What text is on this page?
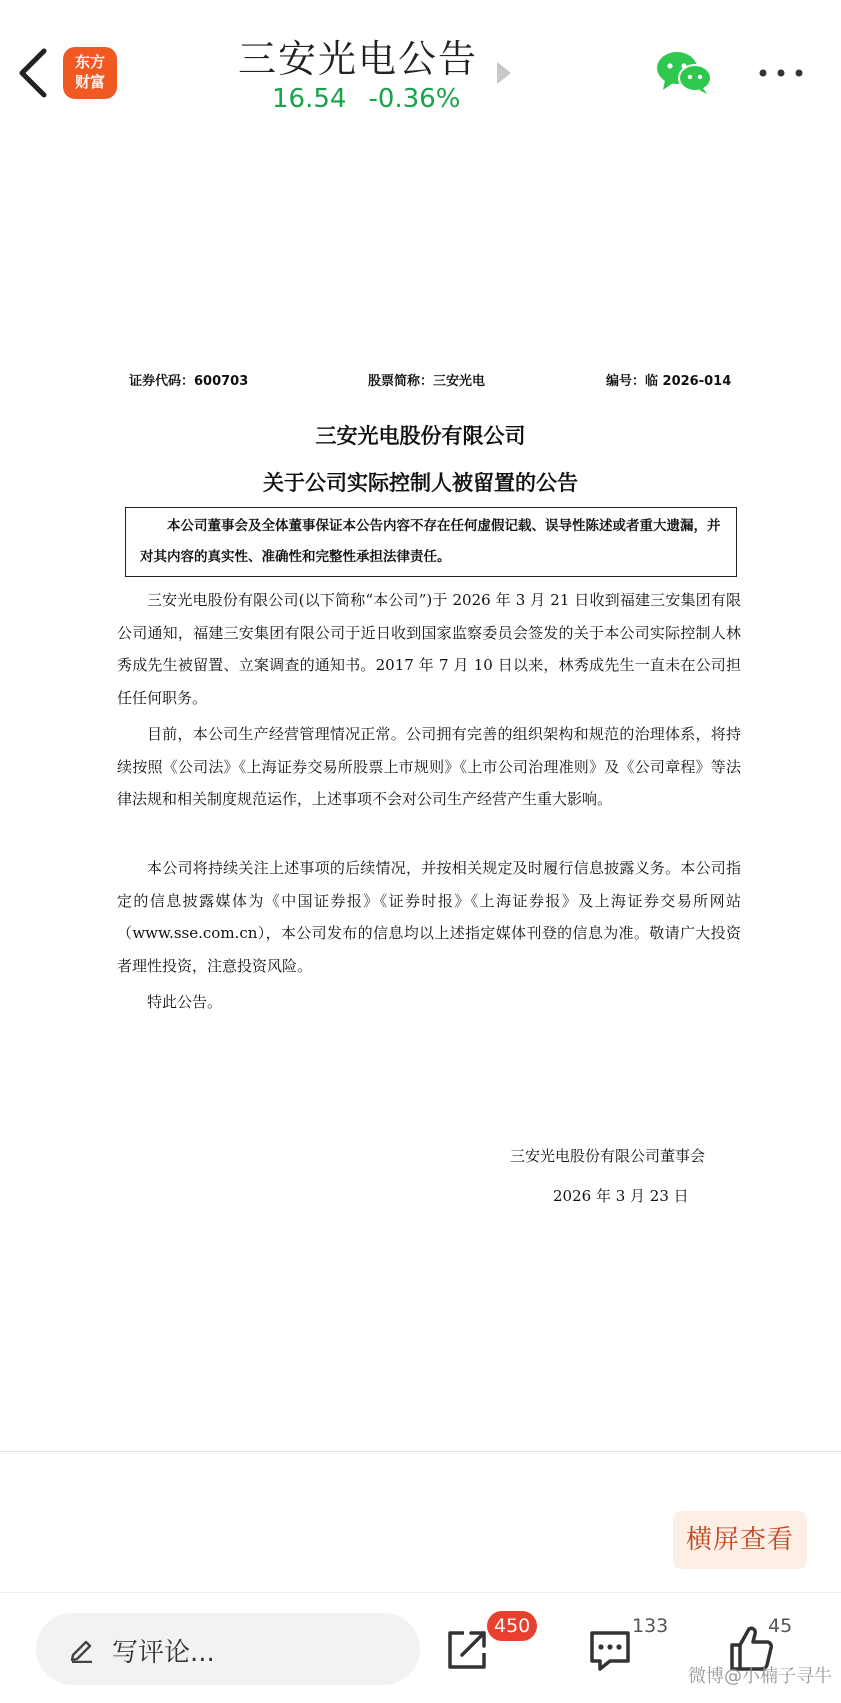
东方
财富
三安光电公告
16.54 -0.36%
证券代码：600703	股票简称：三安光电	编号：临 2026-014
三安光电股份有限公司
关于公司实际控制人被留置的公告
本公司董事会及全体董事保证本公告内容不存在任何虚假记载、误导性陈述或者重大遗漏，并对其内容的真实性、准确性和完整性承担法律责任。
三安光电股份有限公司(以下简称“本公司”)于 2026 年 3 月 21 日收到福建三安集团有限公司通知，福建三安集团有限公司于近日收到国家监察委员会签发的关于本公司实际控制人林秀成先生被留置、立案调查的通知书。2017 年 7 月 10 日以来，林秀成先生一直未在公司担任任何职务。
目前，本公司生产经营管理情况正常。公司拥有完善的组织架构和规范的治理体系，将持续按照《公司法》《上海证券交易所股票上市规则》《上市公司治理准则》及《公司章程》等法律法规和相关制度规范运作，上述事项不会对公司生产经营产生重大影响。
本公司将持续关注上述事项的后续情况，并按相关规定及时履行信息披露义务。本公司指定的信息披露媒体为《中国证券报》《证券时报》《上海证券报》及上海证券交易所网站（www.sse.com.cn），本公司发布的信息均以上述指定媒体刊登的信息为准。敬请广大投资者理性投资，注意投资风险。
特此公告。
三安光电股份有限公司董事会
2026 年 3 月 23 日
横屏查看
写评论...
450	133	45
微博@小楠子寻牛
